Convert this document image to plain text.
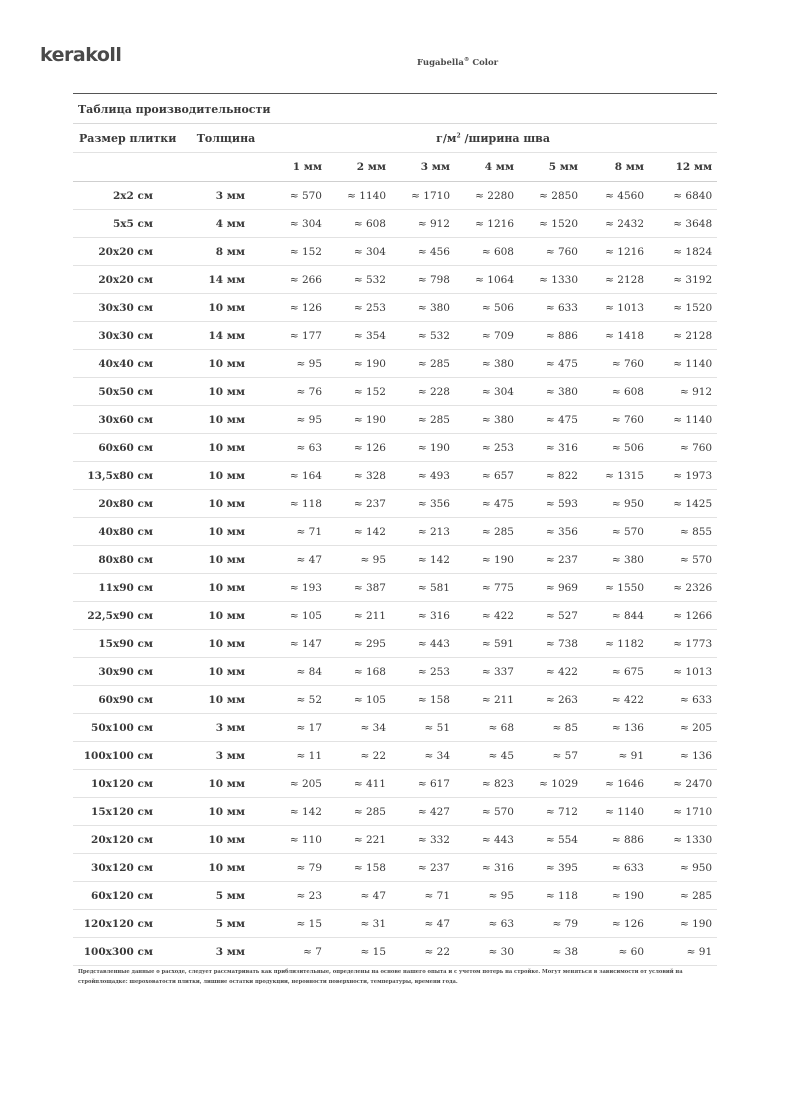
kerakoll	Fugabella® Color
Таблица производительности								
Размер плитки	Толщина	$г/м^2$ /ширина шва						
		1 мм	2 мм	3 мм	4 мм	5 мм	8 мм	12 мм
2x2 см	3 мм	≈ 570	≈ 1140	≈ 1710	≈ 2280	≈ 2850	≈ 4560	≈ 6840
5x5 см	4 мм	≈ 304	≈ 608	≈ 912	≈ 1216	≈ 1520	≈ 2432	≈ 3648
20x20 см	8 мм	≈ 152	≈ 304	≈ 456	≈ 608	≈ 760	≈ 1216	≈ 1824
20x20 см	14 мм	≈ 266	≈ 532	≈ 798	≈ 1064	≈ 1330	≈ 2128	≈ 3192
30x30 см	10 мм	≈ 126	≈ 253	≈ 380	≈ 506	≈ 633	≈ 1013	≈ 1520
30x30 см	14 мм	≈ 177	≈ 354	≈ 532	≈ 709	≈ 886	≈ 1418	≈ 2128
40x40 см	10 мм	≈ 95	≈ 190	≈ 285	≈ 380	≈ 475	≈ 760	≈ 1140
50x50 см	10 мм	≈ 76	≈ 152	≈ 228	≈ 304	≈ 380	≈ 608	≈ 912
30x60 см	10 мм	≈ 95	≈ 190	≈ 285	≈ 380	≈ 475	≈ 760	≈ 1140
60x60 см	10 мм	≈ 63	≈ 126	≈ 190	≈ 253	≈ 316	≈ 506	≈ 760
13,5x80 см	10 мм	≈ 164	≈ 328	≈ 493	≈ 657	≈ 822	≈ 1315	≈ 1973
20x80 см	10 мм	≈ 118	≈ 237	≈ 356	≈ 475	≈ 593	≈ 950	≈ 1425
40x80 см	10 мм	≈ 71	≈ 142	≈ 213	≈ 285	≈ 356	≈ 570	≈ 855
80x80 см	10 мм	≈ 47	≈ 95	≈ 142	≈ 190	≈ 237	≈ 380	≈ 570
11x90 см	10 мм	≈ 193	≈ 387	≈ 581	≈ 775	≈ 969	≈ 1550	≈ 2326
22,5x90 см	10 мм	≈ 105	≈ 211	≈ 316	≈ 422	≈ 527	≈ 844	≈ 1266
15x90 см	10 мм	≈ 147	≈ 295	≈ 443	≈ 591	≈ 738	≈ 1182	≈ 1773
30x90 см	10 мм	≈ 84	≈ 168	≈ 253	≈ 337	≈ 422	≈ 675	≈ 1013
60x90 см	10 мм	≈ 52	≈ 105	≈ 158	≈ 211	≈ 263	≈ 422	≈ 633
50x100 см	3 мм	≈ 17	≈ 34	≈ 51	≈ 68	≈ 85	≈ 136	≈ 205
100x100 см	3 мм	≈ 11	≈ 22	≈ 34	≈ 45	≈ 57	≈ 91	≈ 136
10x120 см	10 мм	≈ 205	≈ 411	≈ 617	≈ 823	≈ 1029	≈ 1646	≈ 2470
15x120 см	10 мм	≈ 142	≈ 285	≈ 427	≈ 570	≈ 712	≈ 1140	≈ 1710
20x120 см	10 мм	≈ 110	≈ 221	≈ 332	≈ 443	≈ 554	≈ 886	≈ 1330
30x120 см	10 мм	≈ 79	≈ 158	≈ 237	≈ 316	≈ 395	≈ 633	≈ 950
60x120 см	5 мм	≈ 23	≈ 47	≈ 71	≈ 95	≈ 118	≈ 190	≈ 285
120x120 см	5 мм	≈ 15	≈ 31	≈ 47	≈ 63	≈ 79	≈ 126	≈ 190
100x300 см	3 мм	≈ 7	≈ 15	≈ 22	≈ 30	≈ 38	≈ 60	≈ 91
Представленные данные о расходе, следует рассматривать как приблизительные, определены на основе нашего опыта и с учетом потерь на стройке. Могут меняться в зависимости от условий на стройплощадке: шероховатости плитки, лишние остатки продукции, неровности поверхности, температуры, времени года.
